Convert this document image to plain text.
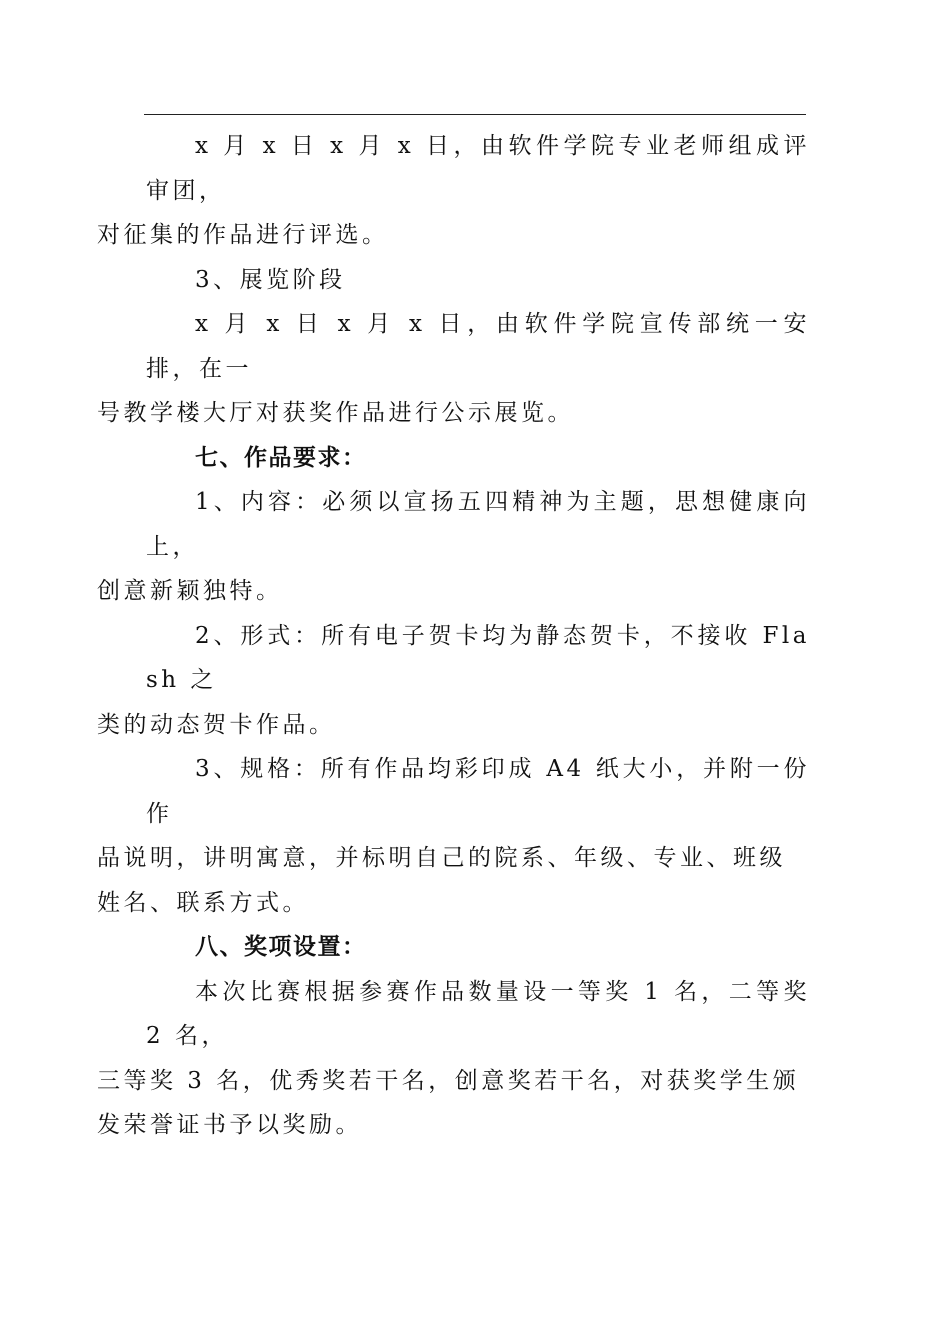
x 月 x 日 x 月 x 日，由软件学院专业老师组成评审团，
对征集的作品进行评选。

3、展览阶段

x 月 x 日 x 月 x 日，由软件学院宣传部统一安排，在一
号教学楼大厅对获奖作品进行公示展览。

七、作品要求：

1、内容：必须以宣扬五四精神为主题，思想健康向上，
创意新颖独特。

2、形式：所有电子贺卡均为静态贺卡，不接收 Flash 之
类的动态贺卡作品。

3、规格：所有作品均彩印成 A4 纸大小，并附一份作
品说明，讲明寓意，并标明自己的院系、年级、专业、班级
姓名、联系方式。

八、奖项设置：

本次比赛根据参赛作品数量设一等奖 1 名，二等奖 2 名，
三等奖 3 名，优秀奖若干名，创意奖若干名，对获奖学生颁
发荣誉证书予以奖励。
